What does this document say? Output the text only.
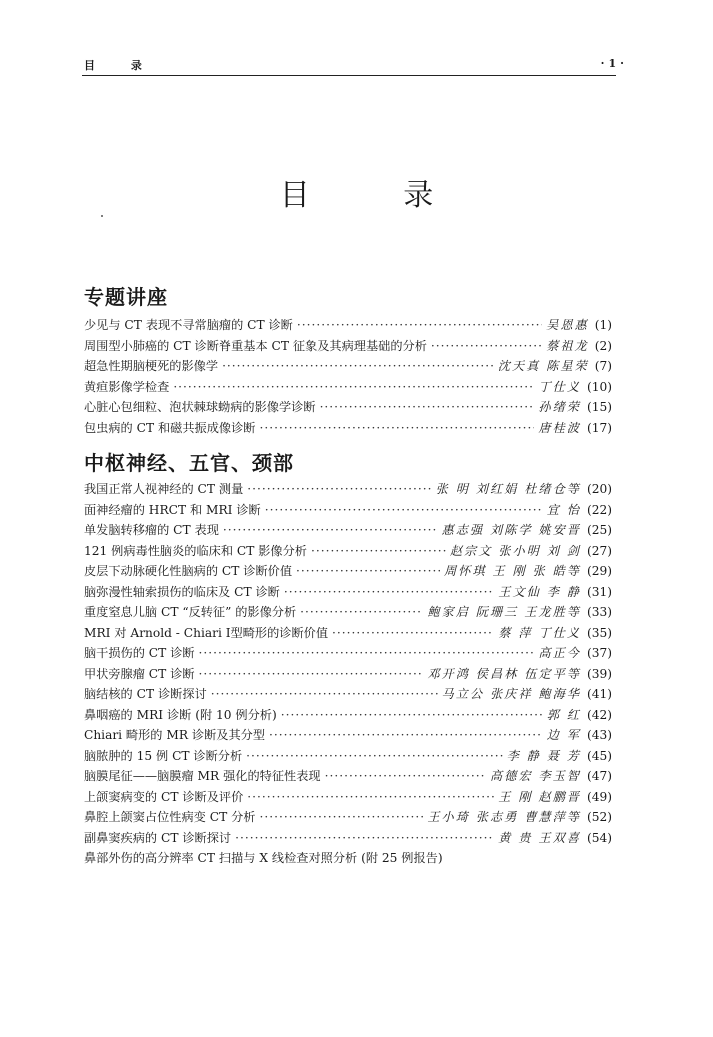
目 录	·1·
目 录
专题讲座
少见与 CT 表现不寻常脑瘤的 CT 诊断 ·····	吴恩惠 (1)
周围型小肺癌的 CT 诊断脊重基本 CT 征象及其病理基础的分析 ·····	蔡祖龙 (2)
超急性期脑梗死的影像学 ·····	沈天真 陈星荣 (7)
黄疸影像学检查 ·····	丁仕义 (10)
心脏心包细粒、泡状棘球蚴病的影像学诊断 ·····	孙绪荣 (15)
包虫病的 CT 和磁共振成像诊断 ·····	唐桂波 (17)
中枢神经、五官、颈部
我国正常人视神经的 CT 测量 ·····	张 明 刘红娟 杜绪仓等 (20)
面神经瘤的 HRCT 和 MRI 诊断 ·····	宜 怡 (22)
单发脑转移瘤的 CT 表现 ·····	惠志强 刘陈学 姚安晋 (25)
121 例病毒性脑炎的临床和 CT 影像分析 ·····	赵宗文 张小明 刘 剑 (27)
皮层下动脉硬化性脑病的 CT 诊断价值 ·····	周怀琪 王 刚 张 皓等 (29)
脑弥漫性轴索损伤的临床及 CT 诊断 ·····	王文仙 李 静 (31)
重度窒息儿脑 CT “反转征” 的影像分析 ·····	鲍家启 阮珊三 王龙胜等 (33)
MRI 对 Arnold - Chiari Ⅰ型畸形的诊断价值 ·····	蔡 萍 丁仕义 (35)
脑干损伤的 CT 诊断 ·····	高正今 (37)
甲状旁腺瘤 CT 诊断 ·····	邓开鸿 侯昌林 伍定平等 (39)
脑结核的 CT 诊断探讨 ·····	马立公 张庆祥 鲍海华 (41)
鼻咽癌的 MRI 诊断 (附 10 例分析) ·····	郭 红 (42)
Chiari 畸形的 MR 诊断及其分型 ·····	边 军 (43)
脑脓肿的 15 例 CT 诊断分析 ·····	李 静 聂 芳 (45)
脑膜尾征——脑膜瘤 MR 强化的特征性表现 ·····	高德宏 李玉智 (47)
上颌窦病变的 CT 诊断及评价 ·····	王 刚 赵鹏晋 (49)
鼻腔上颌窦占位性病变 CT 分析 ·····	王小琦 张志勇 曹慧萍等 (52)
副鼻窦疾病的 CT 诊断探讨 ·····	黄 贵 王双喜 (54)
鼻部外伤的高分辨率 CT 扫描与 X 线检查对照分析 (附 25 例报告)
